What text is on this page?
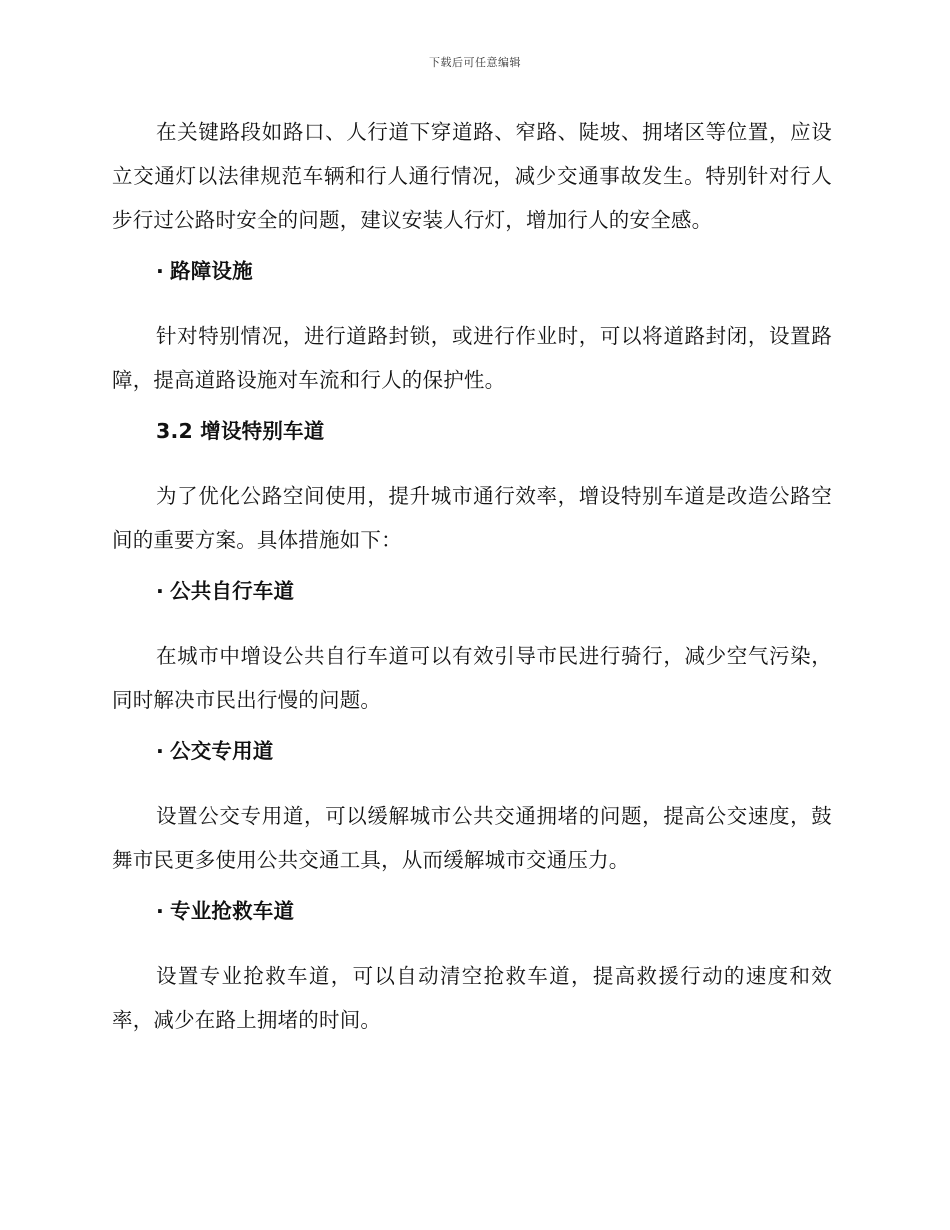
下载后可任意编辑

在关键路段如路口、人行道下穿道路、窄路、陡坡、拥堵区等位置，应设立交通灯以法律规范车辆和行人通行情况，减少交通事故发生。特别针对行人步行过公路时安全的问题，建议安装人行灯，增加行人的安全感。

· 路障设施

针对特别情况，进行道路封锁，或进行作业时，可以将道路封闭，设置路障，提高道路设施对车流和行人的保护性。

3.2 增设特别车道

为了优化公路空间使用，提升城市通行效率，增设特别车道是改造公路空间的重要方案。具体措施如下：

· 公共自行车道

在城市中增设公共自行车道可以有效引导市民进行骑行，减少空气污染，同时解决市民出行慢的问题。

· 公交专用道

设置公交专用道，可以缓解城市公共交通拥堵的问题，提高公交速度，鼓舞市民更多使用公共交通工具，从而缓解城市交通压力。

· 专业抢救车道

设置专业抢救车道，可以自动清空抢救车道，提高救援行动的速度和效率，减少在路上拥堵的时间。
